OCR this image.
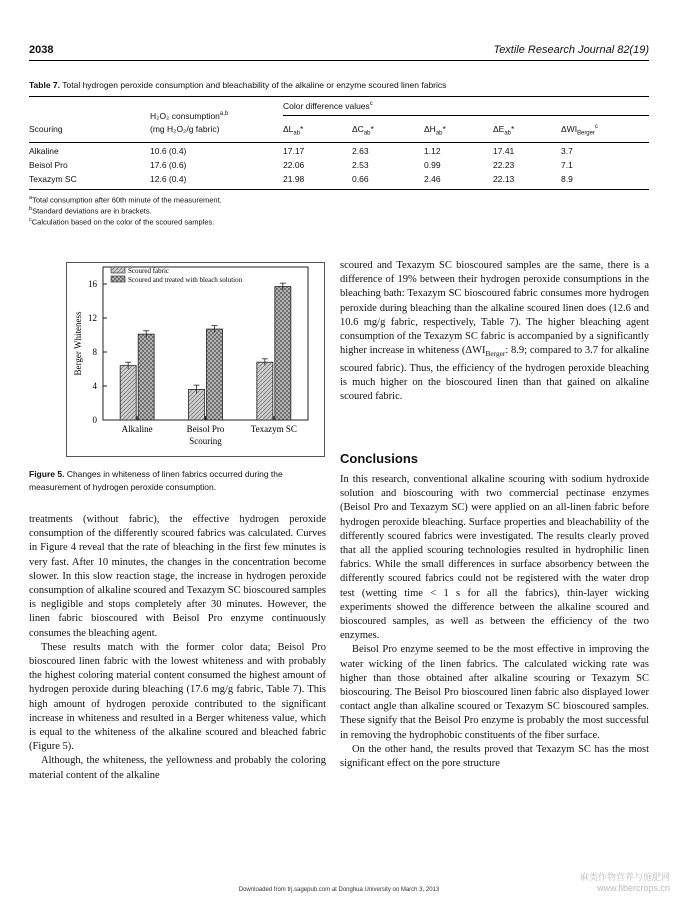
2038	Textile Research Journal 82(19)
Table 7. Total hydrogen peroxide consumption and bleachability of the alkaline or enzyme scoured linen fabrics
Scouring
H₂O₂ consumption$^{a,b}$
(mg H₂O₂/g fabric)
Color difference values$^c$
$\Delta L_{ab}*$	$\Delta C_{ab}*$	$\Delta H_{ab}*$	$\Delta E_{ab}*$	$\Delta WI_{Berger}^c$
Alkaline	10.6 (0.4)	17.17	2.63	1.12	17.41	3.7
Beisol Pro	17.6 (0.6)	22.06	2.53	0.99	22.23	7.1
Texazym SC	12.6 (0.4)	21.98	0.66	2.46	22.13	8.9
$^a$Total consumption after 60th minute of the measurement.
$^b$Standard deviations are in brackets.
$^c$Calculation based on the color of the scoured samples.
0
4
8
12
16
Alkaline	Beisol Pro	Texazym SC
Scouring
Berger Whiteness
Scoured fabric
Scoured and treated with bleach solution
Figure 5. Changes in whiteness of linen fabrics occurred during the measurement of hydrogen peroxide consumption.

treatments (without fabric), the effective hydrogen peroxide consumption of the differently scoured fabrics was calculated. Curves in Figure 4 reveal that the rate of bleaching in the first few minutes is very fast. After 10 minutes, the changes in the concentration become slower. In this slow reaction stage, the increase in hydrogen peroxide consumption of alkaline scoured and Texazym SC bioscoured samples is negligible and stops completely after 30 minutes. However, the linen fabric bioscoured with Beisol Pro enzyme continuously consumes the bleaching agent.

These results match with the former color data; Beisol Pro bioscoured linen fabric with the lowest whiteness and with probably the highest coloring material content consumed the highest amount of hydrogen peroxide during bleaching (17.6 mg/g fabric, Table 7). This high amount of hydrogen peroxide contributed to the significant increase in whiteness and resulted in a Berger whiteness value, which is equal to the whiteness of the alkaline scoured and bleached fabric (Figure 5).

Although, the whiteness, the yellowness and probably the coloring material content of the alkaline

scoured and Texazym SC bioscoured samples are the same, there is a difference of 19% between their hydrogen peroxide consumptions in the bleaching bath: Texazym SC bioscoured fabric consumes more hydrogen peroxide during bleaching than the alkaline scoured linen does (12.6 and 10.6 mg/g fabric, respectively, Table 7). The higher bleaching agent consumption of the Texazym SC fabric is accompanied by a significantly higher increase in whiteness ($\Delta WI_{Berger}$: 8.9; compared to 3.7 for alkaline scoured fabric). Thus, the efficiency of the hydrogen peroxide bleaching is much higher on the bioscoured linen than that gained on alkaline scoured fabric.

Conclusions

In this research, conventional alkaline scouring with sodium hydroxide solution and bioscouring with two commercial pectinase enzymes (Beisol Pro and Texazym SC) were applied on an all-linen fabric before hydrogen peroxide bleaching. Surface properties and bleachability of the differently scoured fabrics were investigated. The results clearly proved that all the applied scouring technologies resulted in hydrophilic linen fabrics. While the small differences in surface absorbency between the differently scoured fabrics could not be registered with the water drop test (wetting time < 1 s for all the fabrics), thin-layer wicking experiments showed the difference between the alkaline scoured and bioscoured samples, as well as between the efficiency of the two enzymes.

Beisol Pro enzyme seemed to be the most effective in improving the water wicking of the linen fabrics. The calculated wicking rate was higher than those obtained after alkaline scouring or Texazym SC bioscouring. The Beisol Pro bioscoured linen fabric also displayed lower contact angle than alkaline scoured or Texazym SC bioscoured samples. These signify that the Beisol Pro enzyme is probably the most successful in removing the hydrophobic constituents of the fiber surface.

On the other hand, the results proved that Texazym SC has the most significant effect on the pore structure

Downloaded from trj.sagepub.com at Donghua University on March 3, 2013
麻类作物营养与施肥网
www.fibercrops.cn
